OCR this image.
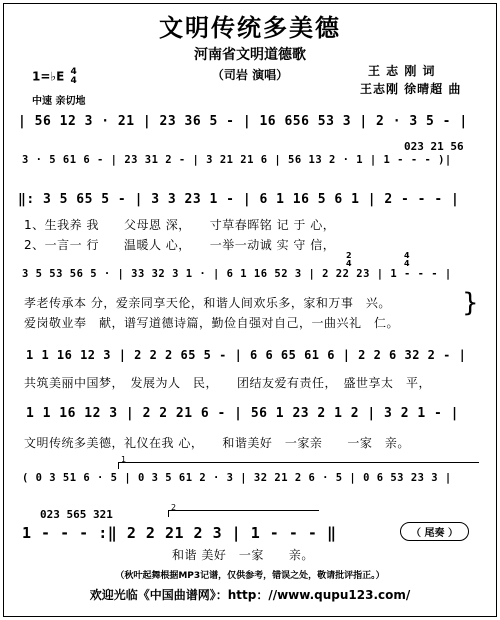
文明传统多美德
河南省文明道德歌
（司岩 演唱）	王 志 刚 词
王志刚 徐晴超 曲
1=♭E 4
4
中速 亲切地
| 56 12 3 · 21 | 23 36 5 - | 16 656 53 3 | 2 · 3 5 - |
023 21 56
3 · 5 61 6 - | 23 31 2 - | 3 21 21 6 | 56 13 2 · 1 | 1 - - - )|
‖: 3 5 65 5 - | 3 3 23 1 - | 6 1 16 5 6 1 | 2 - - - |
1、生我养 我　　父母恩 深，　　寸草春晖铭 记 于 心，
2、一言一 行　　温暖人 心，　　一举一动诚 实 守 信，
2
4
4
4
3 5 53 56 5 · | 33 32 3 1 · | 6 1 16 52 3 | 2 22 23 | 1 - - - |
孝老传承本 分，爱亲同享天伦，和谐人间欢乐多，家和万事　兴。
爱岗敬业奉　献，谱写道德诗篇，勤俭自强对自己，一曲兴礼　仁。
}
1 1 16 12 3 | 2 2 2 65 5 - | 6 6 65 61 6 | 2 2 6 32 2 - |
共筑美丽中国梦，　发展为人　民，　　团结友爱有责任，　盛世享太　平，
1 1 16 12 3 | 2 2 21 6 - | 56 1 23 2 1 2 | 3 2 1 - |
文明传统多美德，礼仪在我 心，　　和谐美好　一家亲　　一家　亲。
1
( 0 3 51 6 · 5 | 0 3 5 61 2 · 3 | 32 21 2 6 · 5 | 0 6 53 23 3 |
2
023 565 321
1 - - - :‖ 2 2 21 2 3 | 1 - - - ‖	（ 尾奏 ）
和谐 美好　一家　　亲。
（秋叶起舞根据MP3记谱，仅供参考，错误之处，敬请批评指正。）
欢迎光临《中国曲谱网》：http：//www.qupu123.com/
